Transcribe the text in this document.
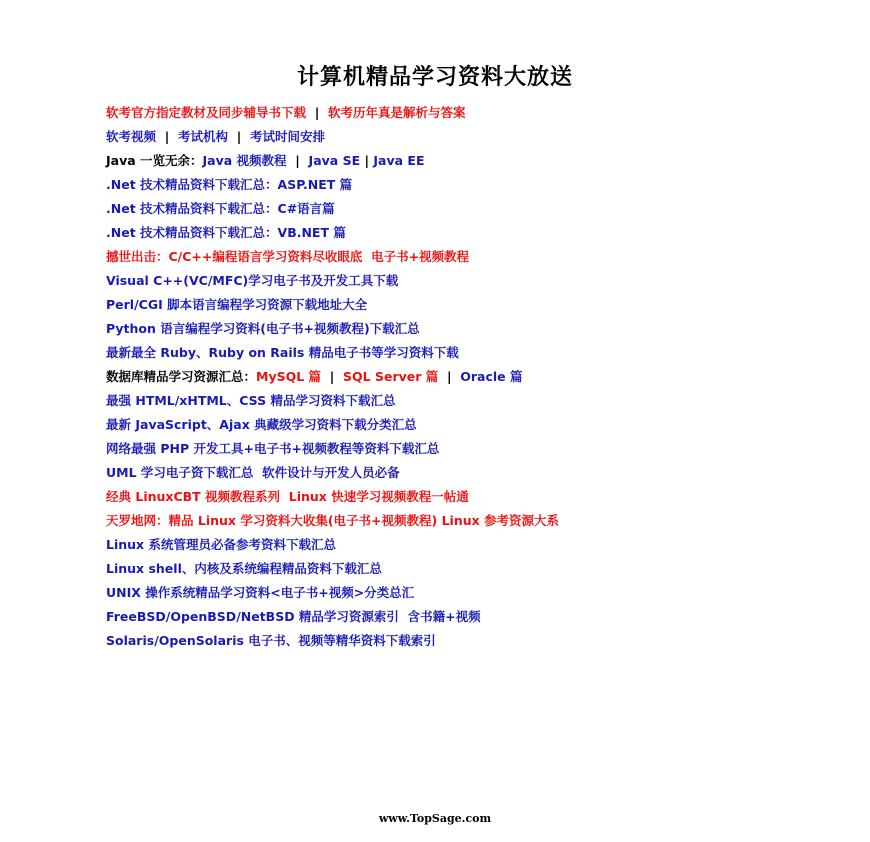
计算机精品学习资料大放送
软考官方指定教材及同步辅导书下载  |  软考历年真是解析与答案
软考视频  |  考试机构  |  考试时间安排
Java 一览无余：Java 视频教程  |  Java SE | Java EE
.Net 技术精品资料下载汇总：ASP.NET 篇
.Net 技术精品资料下载汇总：C#语言篇
.Net 技术精品资料下载汇总：VB.NET 篇
撼世出击：C/C++编程语言学习资料尽收眼底  电子书+视频教程
Visual C++(VC/MFC)学习电子书及开发工具下载
Perl/CGI 脚本语言编程学习资源下载地址大全
Python 语言编程学习资料(电子书+视频教程)下载汇总
最新最全 Ruby、Ruby on Rails 精品电子书等学习资料下载
数据库精品学习资源汇总：MySQL 篇  |  SQL Server 篇  |  Oracle 篇
最强 HTML/xHTML、CSS 精品学习资料下载汇总
最新 JavaScript、Ajax 典藏级学习资料下载分类汇总
网络最强 PHP 开发工具+电子书+视频教程等资料下载汇总
UML 学习电子资下载汇总  软件设计与开发人员必备
经典 LinuxCBT 视频教程系列  Linux 快速学习视频教程一帖通
天罗地网：精品 Linux 学习资料大收集(电子书+视频教程) Linux 参考资源大系
Linux 系统管理员必备参考资料下载汇总
Linux shell、内核及系统编程精品资料下载汇总
UNIX 操作系统精品学习资料<电子书+视频>分类总汇
FreeBSD/OpenBSD/NetBSD 精品学习资源索引  含书籍+视频
Solaris/OpenSolaris 电子书、视频等精华资料下载索引
www.TopSage.com
